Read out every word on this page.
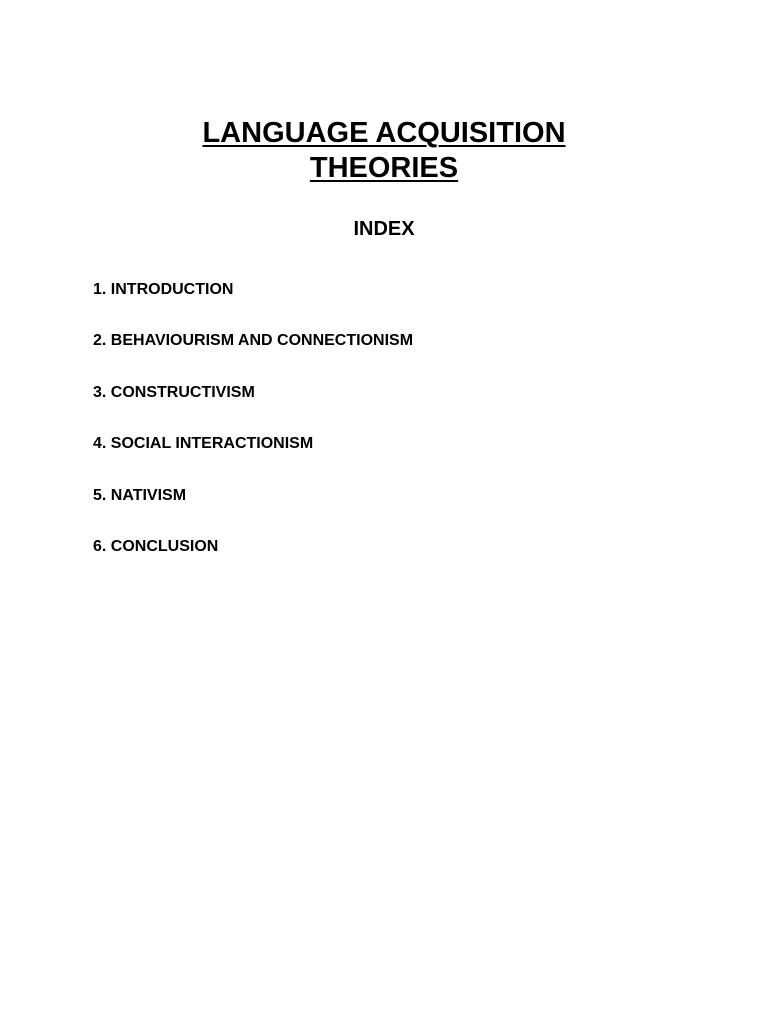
LANGUAGE ACQUISITION
THEORIES
INDEX
1. INTRODUCTION
2. BEHAVIOURISM AND CONNECTIONISM
3. CONSTRUCTIVISM
4. SOCIAL INTERACTIONISM
5. NATIVISM
6. CONCLUSION
